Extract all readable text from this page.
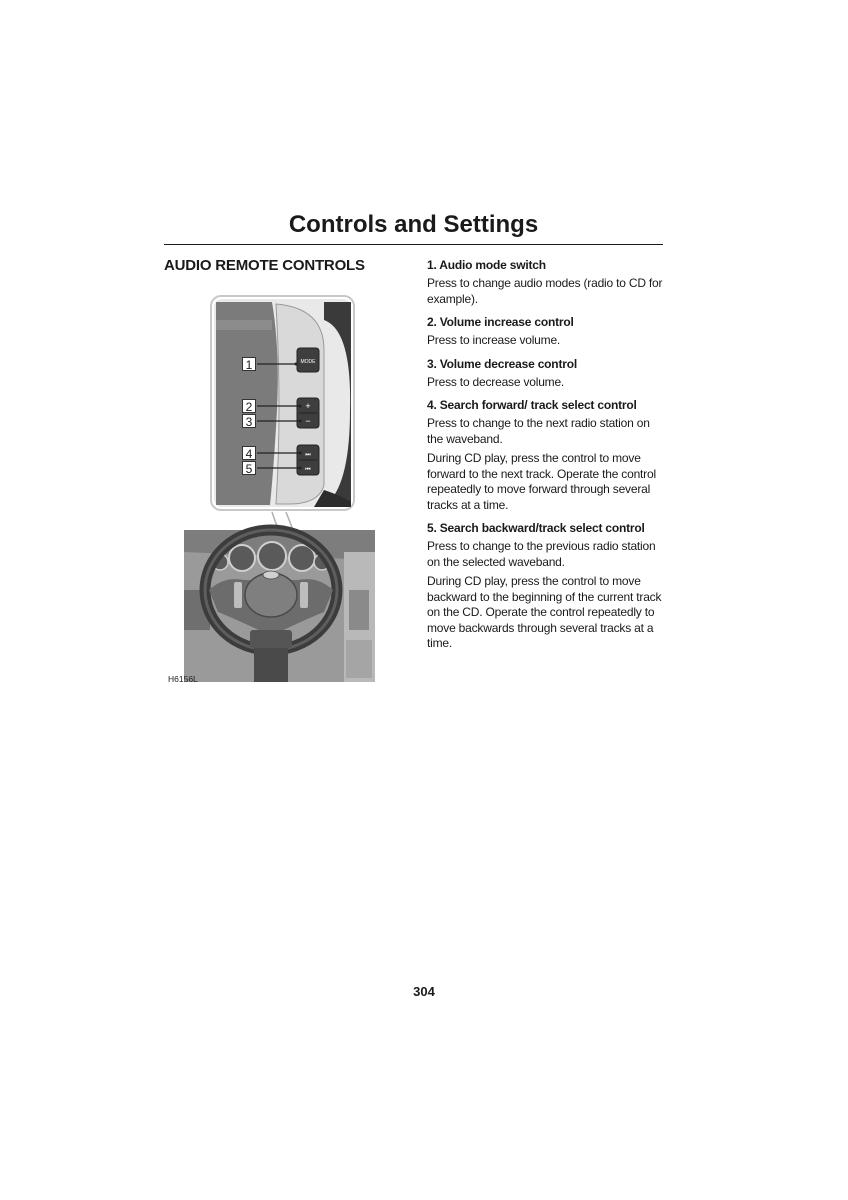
Controls and Settings
AUDIO REMOTE CONTROLS
MODE
+
−
⏭
⏮
1
2
3
4
5
H6156L
1. Audio mode switch

Press to change audio modes (radio to CD for example).

2. Volume increase control

Press to increase volume.

3. Volume decrease control

Press to decrease volume.

4. Search forward/ track select control

Press to change to the next radio station on the waveband.

During CD play, press the control to move forward to the next track. Operate the control repeatedly to move forward through several tracks at a time.

5. Search backward/track select control

Press to change to the previous radio station on the selected waveband.

During CD play, press the control to move backward to the beginning of the current track on the CD. Operate the control repeatedly to move backwards through several tracks at a time.

304
